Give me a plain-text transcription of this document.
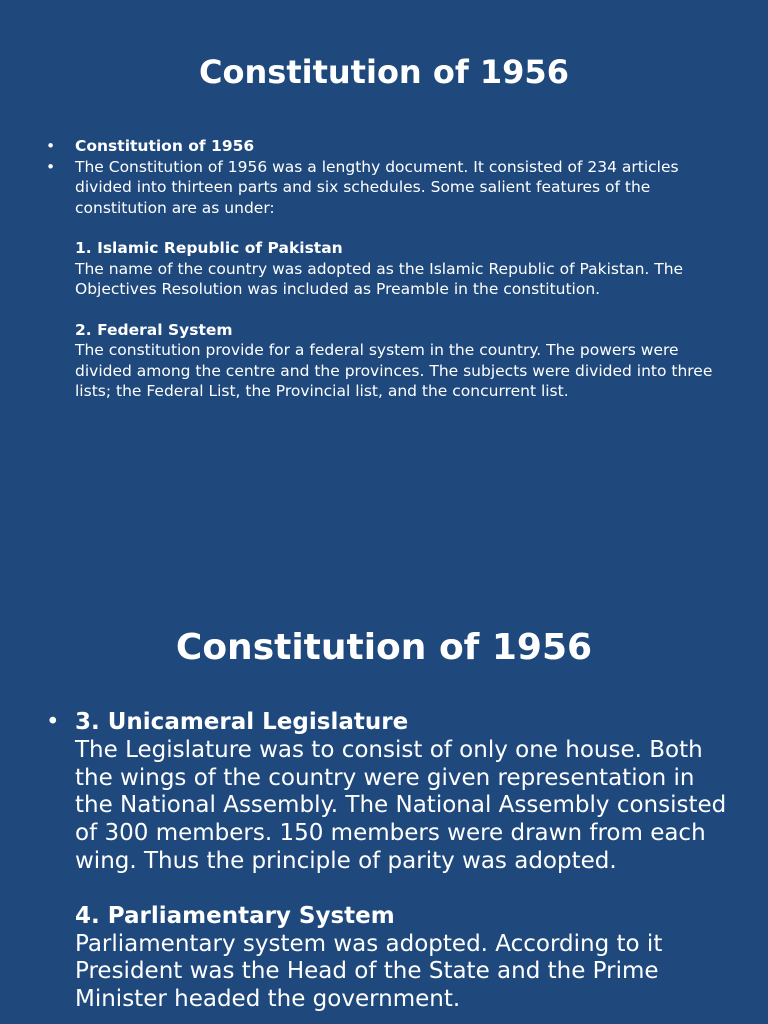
Constitution of 1956
• Constitution of 1956
• The Constitution of 1956 was a lengthy document. It consisted of 234 articles divided into thirteen parts and six schedules. Some salient features of the constitution are as under:

1. Islamic Republic of Pakistan

The name of the country was adopted as the Islamic Republic of Pakistan. The Objectives Resolution was included as Preamble in the constitution.

2. Federal System

The constitution provide for a federal system in the country. The powers were divided among the centre and the provinces. The subjects were divided into three lists; the Federal List, the Provincial list, and the concurrent list.

Constitution of 1956
• 3. Unicameral Legislature

The Legislature was to consist of only one house. Both the wings of the country were given representation in the National Assembly. The National Assembly consisted of 300 members. 150 members were drawn from each wing. Thus the principle of parity was adopted.

4. Parliamentary System

Parliamentary system was adopted. According to it President was the Head of the State and the Prime Minister headed the government.
